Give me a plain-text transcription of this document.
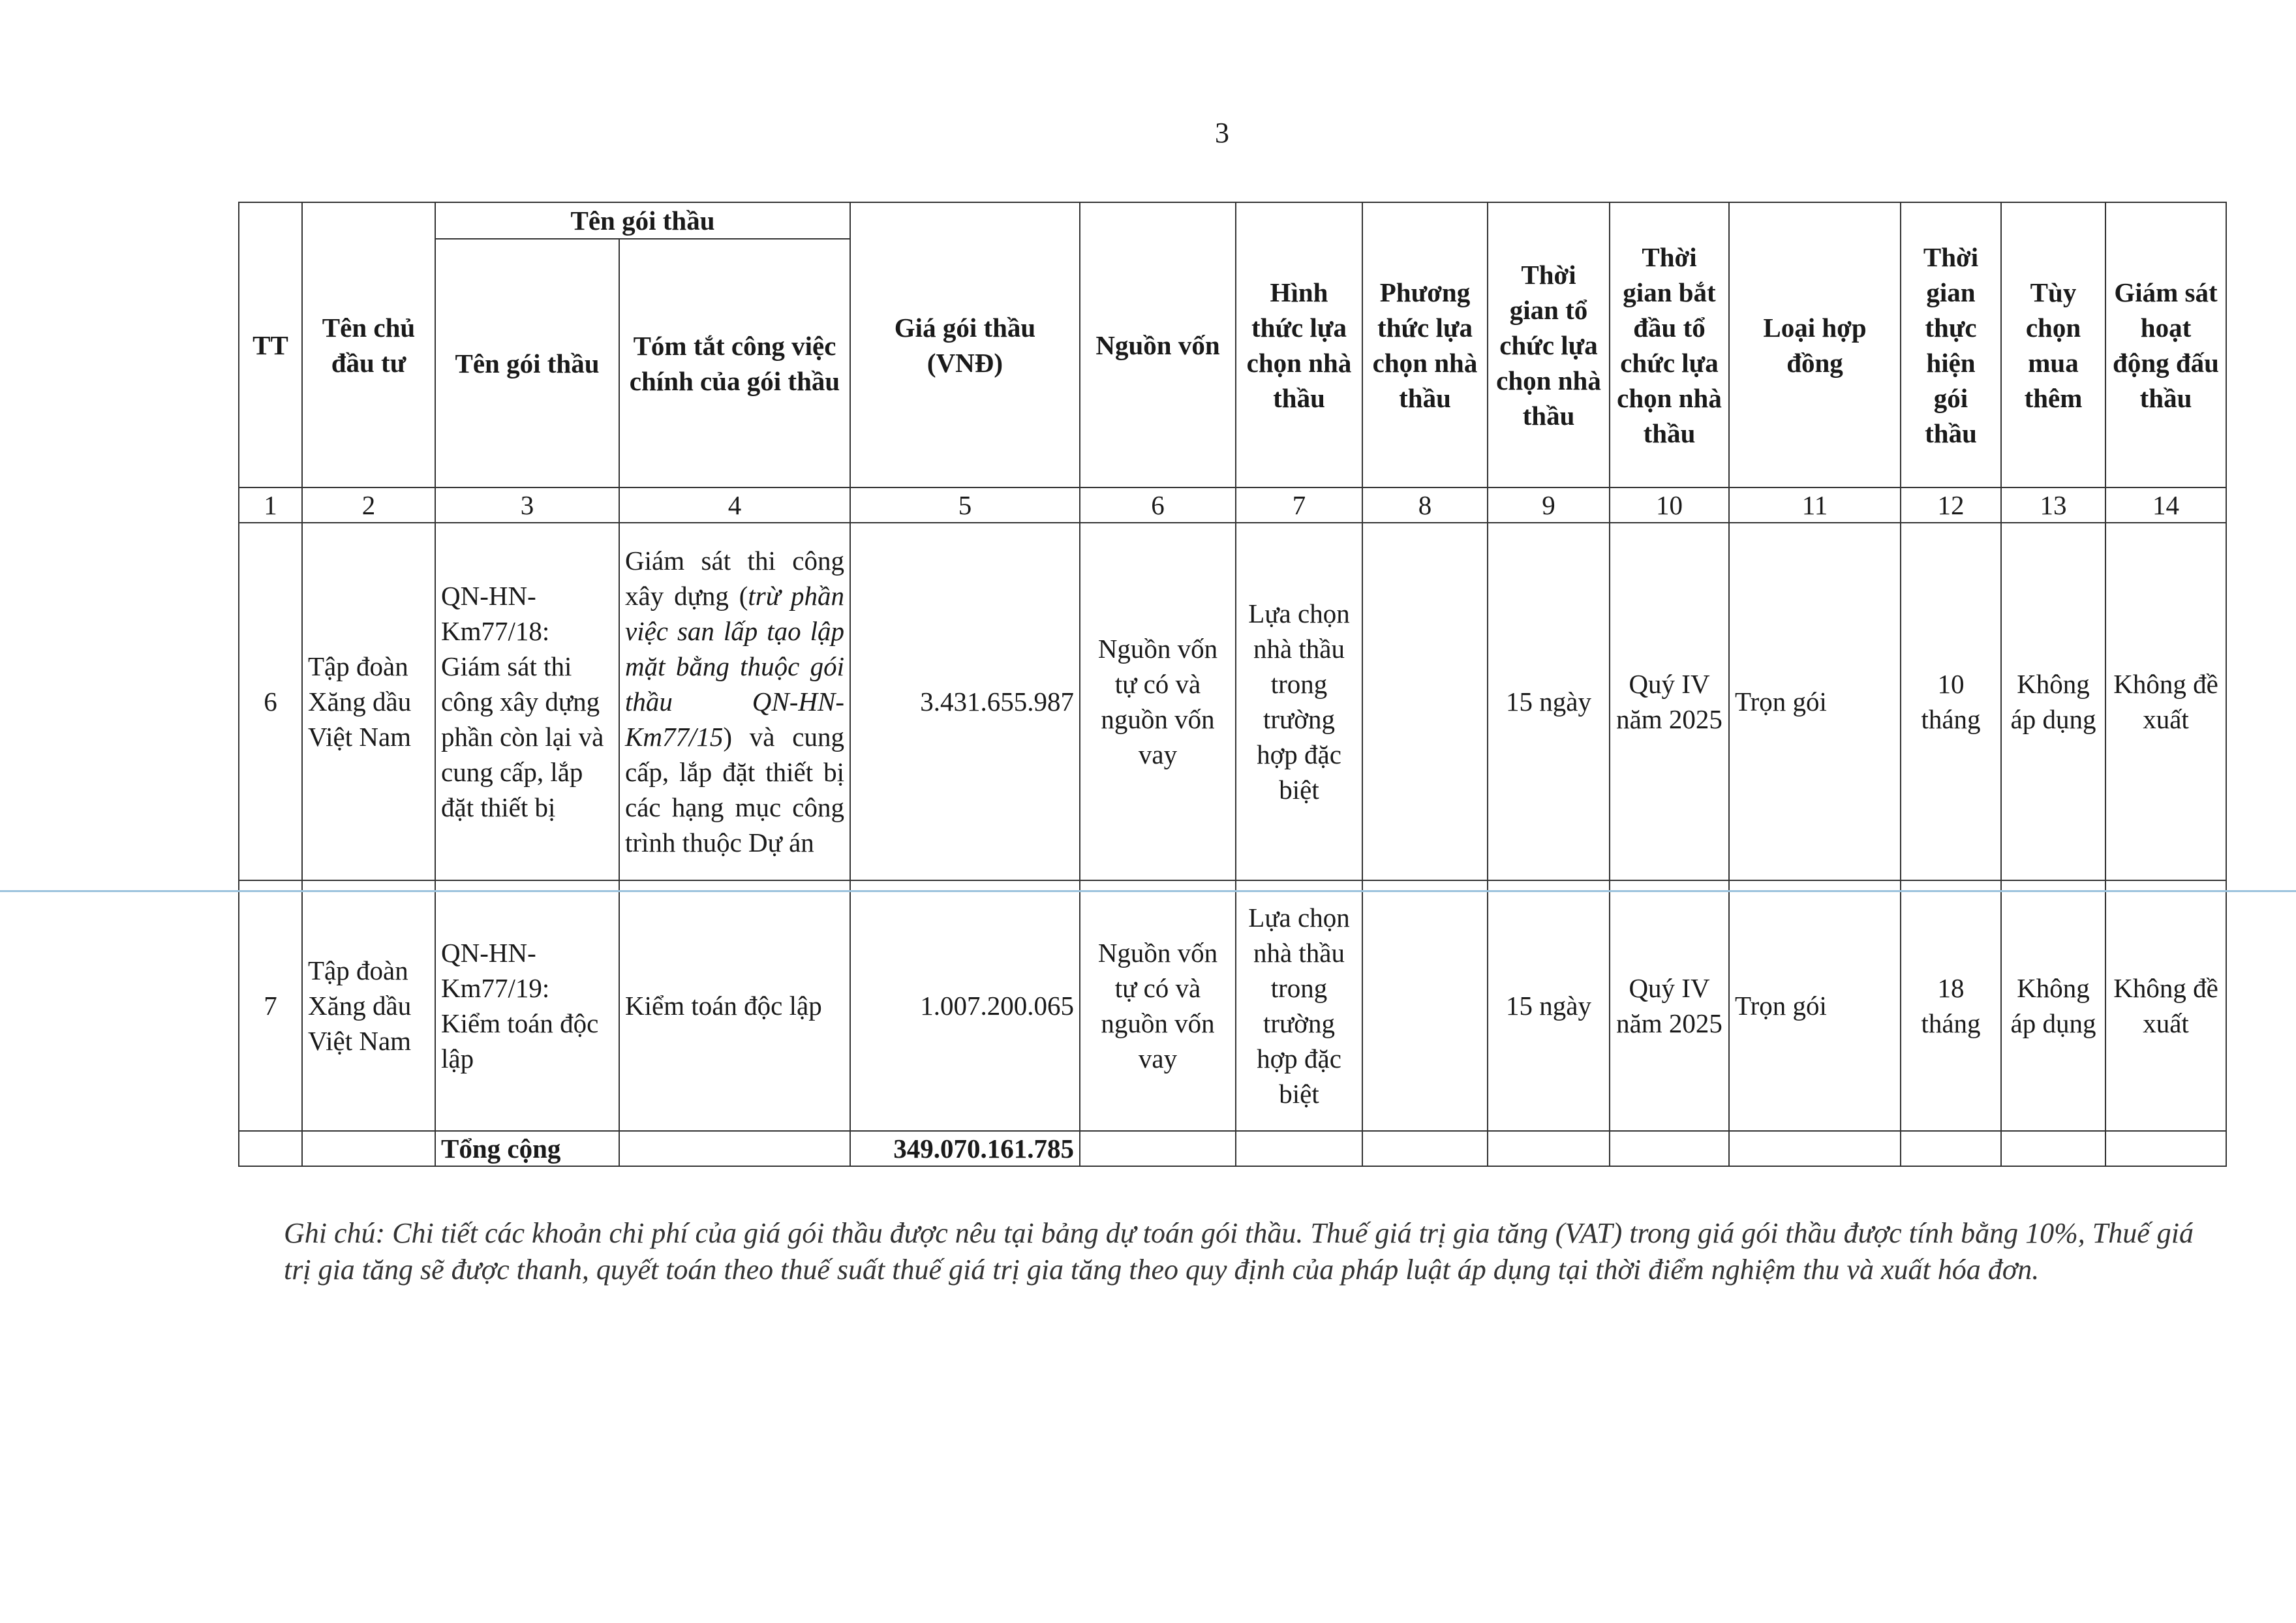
3
TT	Tên chủ đầu tư	Tên gói thầu		Giá gói thầu (VNĐ)	Nguồn vốn	Hình thức lựa chọn nhà thầu	Phương thức lựa chọn nhà thầu	Thời gian tổ chức lựa chọn nhà thầu	Thời gian bắt đầu tổ chức lựa chọn nhà thầu	Loại hợp đồng	Thời gian thực hiện gói thầu	Tùy chọn mua thêm	Giám sát hoạt động đấu thầu
		Tên gói thầu	Tóm tắt công việc chính của gói thầu										
1	2	3	4	5	6	7	8	9	10	11	12	13	14
6	Tập đoàn Xăng dầu Việt Nam	QN-HN-Km77/18: Giám sát thi công xây dựng phần còn lại và cung cấp, lắp đặt thiết bị	Giám sát thi công xây dựng (trừ phần việc san lấp tạo lập mặt bằng thuộc gói thầu QN-HN-Km77/15) và cung cấp, lắp đặt thiết bị các hạng mục công trình thuộc Dự án	3.431.655.987	Nguồn vốn tự có và nguồn vốn vay	Lựa chọn nhà thầu trong trường hợp đặc biệt		15 ngày	Quý IV năm 2025	Trọn gói	10 tháng	Không áp dụng	Không đề xuất
7	Tập đoàn Xăng dầu Việt Nam	QN-HN-Km77/19: Kiểm toán độc lập	Kiểm toán độc lập	1.007.200.065	Nguồn vốn tự có và nguồn vốn vay	Lựa chọn nhà thầu trong trường hợp đặc biệt		15 ngày	Quý IV năm 2025	Trọn gói	18 tháng	Không áp dụng	Không đề xuất
		Tổng cộng		349.070.161.785									
Ghi chú: Chi tiết các khoản chi phí của giá gói thầu được nêu tại bảng dự toán gói thầu. Thuế giá trị gia tăng (VAT) trong giá gói thầu được tính bằng 10%, Thuế giá trị gia tăng sẽ được thanh, quyết toán theo thuế suất thuế giá trị gia tăng theo quy định của pháp luật áp dụng tại thời điểm nghiệm thu và xuất hóa đơn.
